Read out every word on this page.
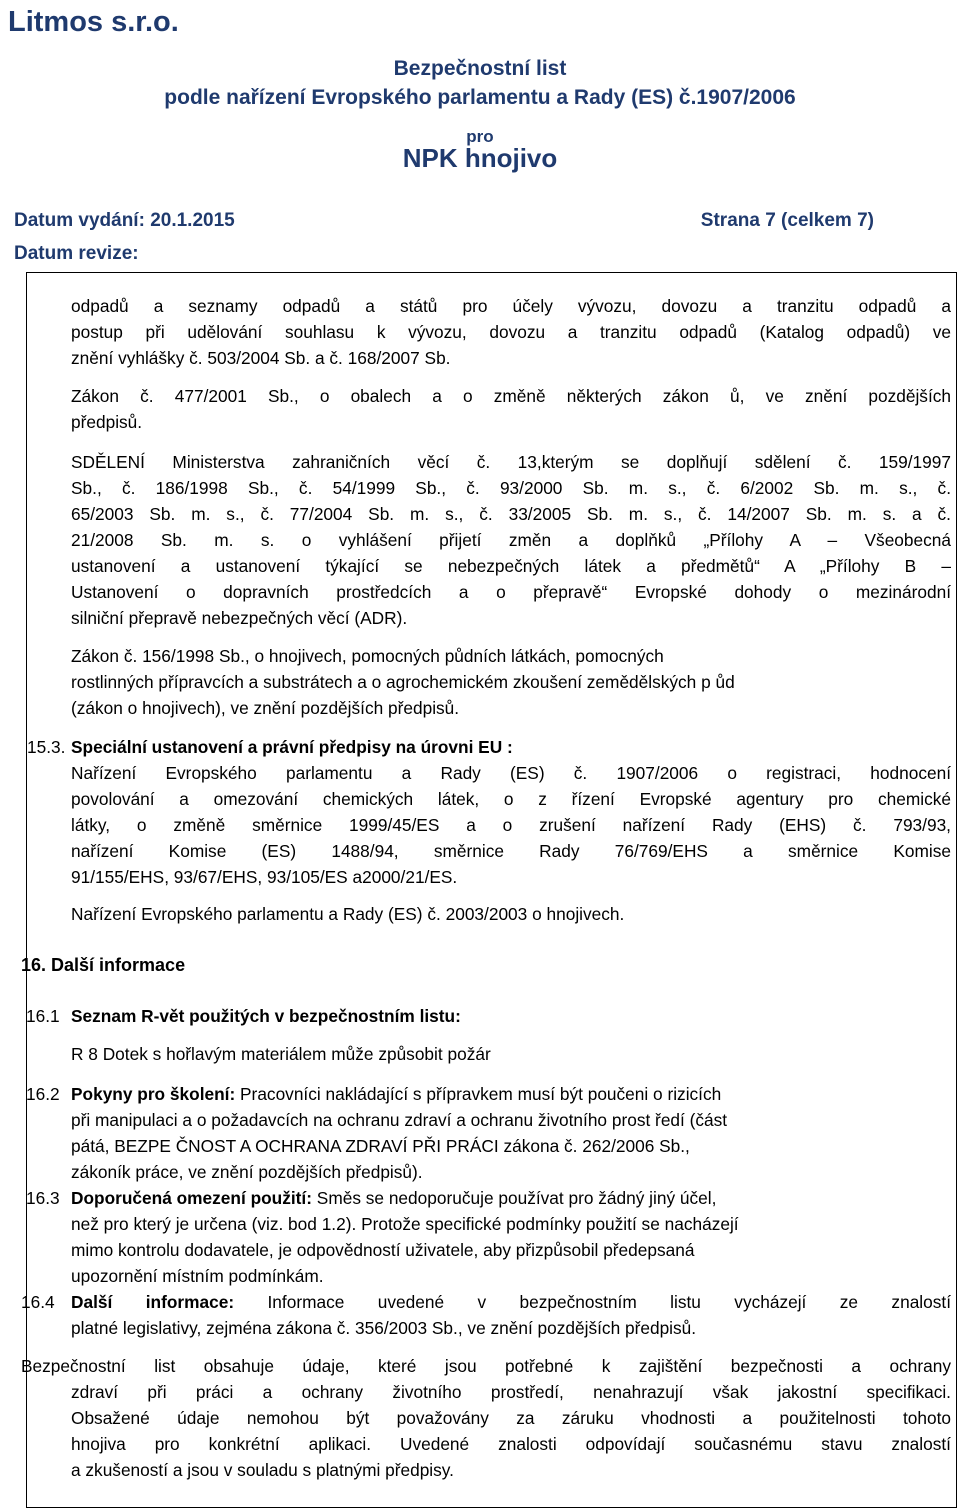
Litmos s.r.o.
Bezpečnostní list
podle nařízení Evropského parlamentu a Rady (ES) č.1907/2006
pro
NPK hnojivo
Datum vydání: 20.1.2015	Strana 7 (celkem 7)
Datum revize:
odpadů a seznamy odpadů a států pro účely vývozu, dovozu a tranzitu odpadů a
postup při udělování souhlasu k vývozu, dovozu a tranzitu odpadů (Katalog odpadů) ve
znění vyhlášky č. 503/2004 Sb. a č. 168/2007 Sb.
Zákon č. 477/2001 Sb., o obalech a o změně některých zákon ů, ve znění pozdějších
předpisů.
SDĚLENÍ Ministerstva zahraničních věcí č. 13,kterým se doplňují sdělení č. 159/1997
Sb., č. 186/1998 Sb., č. 54/1999 Sb., č. 93/2000 Sb. m. s., č. 6/2002 Sb. m. s., č.
65/2003 Sb. m. s., č. 77/2004 Sb. m. s., č. 33/2005 Sb. m. s., č. 14/2007 Sb. m. s. a č.
21/2008 Sb. m. s. o vyhlášení přijetí změn a doplňků „Přílohy A – Všeobecná
ustanovení a ustanovení týkající se nebezpečných látek a předmětů“ A „Přílohy B –
Ustanovení o dopravních prostředcích a o přepravě“ Evropské dohody o mezinárodní
silniční přepravě nebezpečných věcí (ADR).
Zákon č. 156/1998 Sb., o hnojivech, pomocných půdních látkách, pomocných
rostlinných přípravcích a substrátech a o agrochemickém zkoušení zemědělských p ůd
(zákon o hnojivech), ve znění pozdějších předpisů.
15.3. Speciální ustanovení a právní předpisy na úrovni EU :
Nařízení Evropského parlamentu a Rady (ES) č. 1907/2006 o registraci, hodnocení
povolování a omezování chemických látek, o z řízení Evropské agentury pro chemické
látky, o změně směrnice 1999/45/ES a o zrušení nařízení Rady (EHS) č. 793/93,
nařízení Komise (ES) 1488/94, směrnice Rady 76/769/EHS a směrnice Komise
91/155/EHS, 93/67/EHS, 93/105/ES a2000/21/ES.
Nařízení Evropského parlamentu a Rady (ES) č. 2003/2003 o hnojivech.
16. Další informace
16.1 Seznam R-vět použitých v bezpečnostním listu:
R 8 Dotek s hořlavým materiálem může způsobit požár
16.2 Pokyny pro školení: Pracovníci nakládající s přípravkem musí být poučeni o rizicích
při manipulaci a o požadavcích na ochranu zdraví a ochranu životního prost ředí (část
pátá, BEZPE ČNOST A OCHRANA ZDRAVÍ PŘI PRÁCI zákona č. 262/2006 Sb.,
zákoník práce, ve znění pozdějších předpisů).
16.3 Doporučená omezení použití: Směs se nedoporučuje používat pro žádný jiný účel,
než pro který je určena (viz. bod 1.2). Protože specifické podmínky použití se nacházejí
mimo kontrolu dodavatele, je odpovědností uživatele, aby přizpůsobil předepsaná
upozornění místním podmínkám.
16.4 Další informace: Informace uvedené v bezpečnostním listu vycházejí ze znalostí
platné legislativy, zejména zákona č. 356/2003 Sb., ve znění pozdějších předpisů.
Bezpečnostní list obsahuje údaje, které jsou potřebné k zajištění bezpečnosti a ochrany
zdraví při práci a ochrany životního prostředí, nenahrazují však jakostní specifikaci.
Obsažené údaje nemohou být považovány za záruku vhodnosti a použitelnosti tohoto
hnojiva pro konkrétní aplikaci. Uvedené znalosti odpovídají současnému stavu znalostí
a zkušeností a jsou v souladu s platnými předpisy.
